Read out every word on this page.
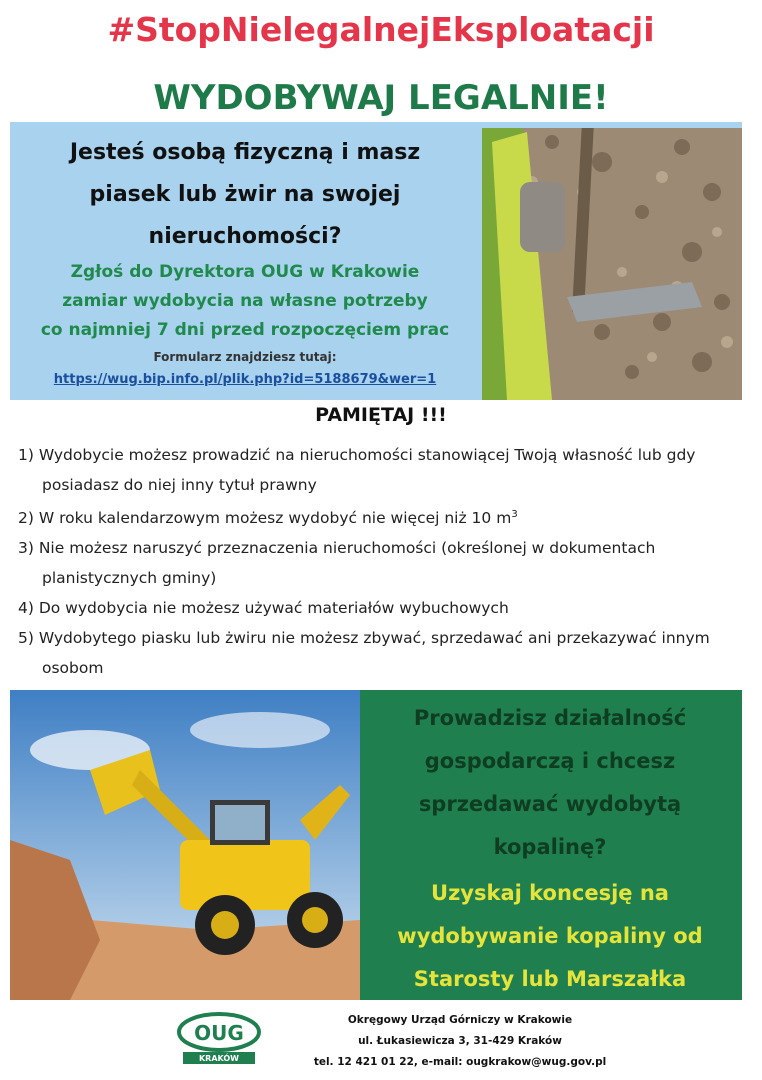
#StopNielegalnejEksploatacji
WYDOBYWAJ LEGALNIE!
Jesteś osobą fizyczną i masz
piasek lub żwir na swojej
nieruchomości?
Zgłoś do Dyrektora OUG w Krakowie
zamiar wydobycia na własne potrzeby
co najmniej 7 dni przed rozpoczęciem prac
Formularz znajdziesz tutaj:
https://wug.bip.info.pl/plik.php?id=5188679&wer=1
PAMIĘTAJ !!!
1) Wydobycie możesz prowadzić na nieruchomości stanowiącej Twoją własność lub gdy posiadasz do niej inny tytuł prawny
2) W roku kalendarzowym możesz wydobyć nie więcej niż 10 $m^3$
3) Nie możesz naruszyć przeznaczenia nieruchomości (określonej w dokumentach planistycznych gminy)
4) Do wydobycia nie możesz używać materiałów wybuchowych
5) Wydobytego piasku lub żwiru nie możesz zbywać, sprzedawać ani przekazywać innym osobom
Prowadzisz działalność
gospodarczą i chcesz
sprzedawać wydobytą
kopalinę?
Uzyskaj koncesję na
wydobywanie kopaliny od
Starosty lub Marszałka
OUG
KRAKÓW
Okręgowy Urząd Górniczy w Krakowie
ul. Łukasiewicza 3, 31-429 Kraków
tel. 12 421 01 22, e-mail: ougkrakow@wug.gov.pl
